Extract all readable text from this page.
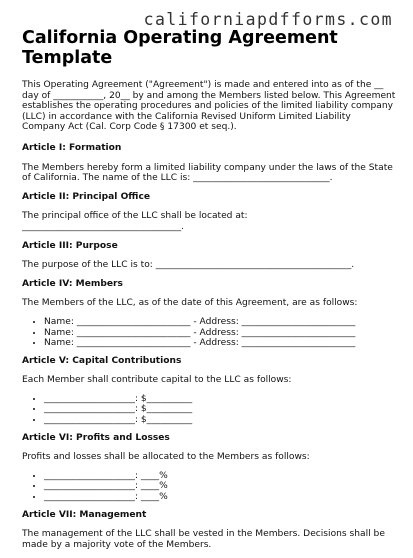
californiapdfforms.com
California Operating Agreement Template

This Operating Agreement ("Agreement") is made and entered into as of the __ day of ___________, 20__ by and among the Members listed below. This Agreement establishes the operating procedures and policies of the limited liability company (LLC) in accordance with the California Revised Uniform Limited Liability Company Act (Cal. Corp Code § 17300 et seq.).

Article I: Formation

The Members hereby form a limited liability company under the laws of the State of California. The name of the LLC is: ______________________________.

Article II: Principal Office

The principal office of the LLC shall be located at: ___________________________________.

Article III: Purpose

The purpose of the LLC is to: ___________________________________________.

Article IV: Members

The Members of the LLC, as of the date of this Agreement, are as follows:

• Name: _________________________ - Address: _________________________
• Name: _________________________ - Address: _________________________
• Name: _________________________ - Address: _________________________

Article V: Capital Contributions

Each Member shall contribute capital to the LLC as follows:

• ____________________: $__________
• ____________________: $__________
• ____________________: $__________

Article VI: Profits and Losses

Profits and losses shall be allocated to the Members as follows:

• ____________________: ____%
• ____________________: ____%
• ____________________: ____%

Article VII: Management

The management of the LLC shall be vested in the Members. Decisions shall be made by a majority vote of the Members.
